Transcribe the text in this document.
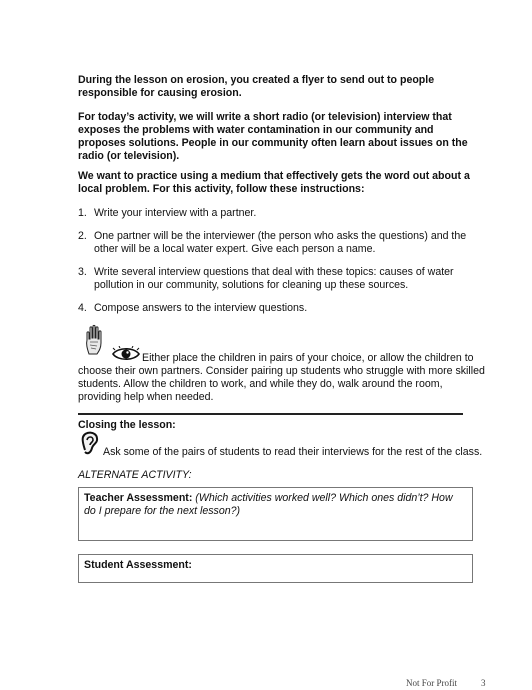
During the lesson on erosion, you created a flyer to send out to people responsible for causing erosion.
For today’s activity, we will write a short radio (or television) interview that exposes the problems with water contamination in our community and proposes solutions. People in our community often learn about issues on the radio (or television).
We want to practice using a medium that effectively gets the word out about a local problem. For this activity, follow these instructions:
1. Write your interview with a partner.
2. One partner will be the interviewer (the person who asks the questions) and the other will be a local water expert. Give each person a name.
3. Write several interview questions that deal with these topics: causes of water pollution in our community, solutions for cleaning up these sources.
4. Compose answers to the interview questions.
Either place the children in pairs of your choice, or allow the children to choose their own partners. Consider pairing up students who struggle with more skilled students. Allow the children to work, and while they do, walk around the room, providing help when needed.
Closing the lesson:
Ask some of the pairs of students to read their interviews for the rest of the class.
ALTERNATE ACTIVITY:
Teacher Assessment: (Which activities worked well? Which ones didn’t? How do I prepare for the next lesson?)
Student Assessment:
Not For Profit	3
